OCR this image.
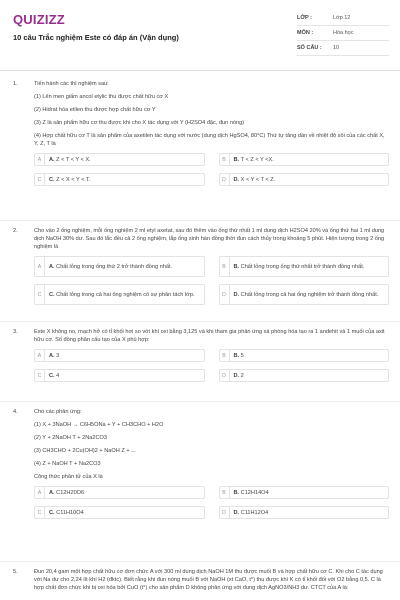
QUIZIZZ
10 câu Trắc nghiệm Este có đáp án (Vận dụng)
LỚP :	Lớp 12
MÔN :	Hóa học
SỐ CÂU :	10
1.	Tiến hành các thí nghiệm sau:
(1) Lên men giấm ancol etylic thu được chất hữu cơ X
(2) Hidrat hóa etilen thu được hợp chất hữu cơ Y
(3) Z là sản phẩm hữu cơ thu được khi cho X tác dụng với Y (H2SO4 đặc, đun nóng)
(4) Hợp chất hữu cơ T là sản phẩm của axetilen tác dụng với nước (dung dịch HgSO4, 80°C) Thứ tự tăng dần về nhiệt độ sôi của các chất X, Y, Z, T là
A	A. Z < T < Y < X.	B	B. T < Z < Y <X.
C	C. Z < X < Y < T.	D	D. X < Y < T < Z.
2.	Cho vào 2 ống nghiệm, mỗi ống nghiệm 2 ml etyl axetat, sau đó thêm vào ống thứ nhất 1 ml dung dịch H2SO4 20% và ống thứ hai 1 ml dung dịch NaOH 30% dư. Sau đó lắc đều cả 2 ống nghiệm, lắp ống sinh hàn đồng thời đun cách thủy trong khoảng 5 phút. Hiện tượng trong 2 ống nghiệm là
A	A. Chất lỏng trong ống thứ 2 trở thành đồng nhất.	B	B. Chất lỏng trong ống thứ nhất trở thành đồng nhất.
C	C. Chất lỏng trong cả hai ống nghiệm có sự phân tách lớp.	D	D. Chất lỏng trong cả hai ống nghiệm trở thành đồng nhất.
3.	Este X không no, mạch hở có tỉ khối hơi so với khí oxi bằng 3,125 và khi tham gia phản ứng xà phòng hóa tạo ra 1 andehit và 1 muối của axit hữu cơ. Số đồng phân cấu tạo của X phù hợp:
A	A. 3	B	B. 5
C	C. 4	D	D. 2
4.	Cho các phản ứng:
(1) X + 3NaOH → C6H5ONa + Y + CH3CHO + H2O
(2) Y + 2NaOH T + 2Na2CO3
(3) CH3CHO + 2Cu(OH)2 + NaOH Z + ...
(4) Z + NaOH T + Na2CO3
Công thức phân tử của X là
A	A. C12H20O6	B	B. C12H14O4
C	C. C11H10O4	D	D. C11H12O4
5.	Đun 20,4 gam một hợp chất hữu cơ đơn chức A với 300 ml dung dịch NaOH 1M thu được muối B và hợp chất hữu cơ C. Khi cho C tác dụng với Na dư cho 2,24 lít khí H2 (đktc). Biết rằng khi đun nóng muối B với NaOH (xt CaO, t°) thu được khí K có tỉ khối đối với O2 bằng 0,5. C là hợp chất đơn chức khi bị oxi hóa bởi CuO (t°) cho sản phẩm D không phản ứng với dung dịch AgNO3/NH3 dư. CTCT của A là:
